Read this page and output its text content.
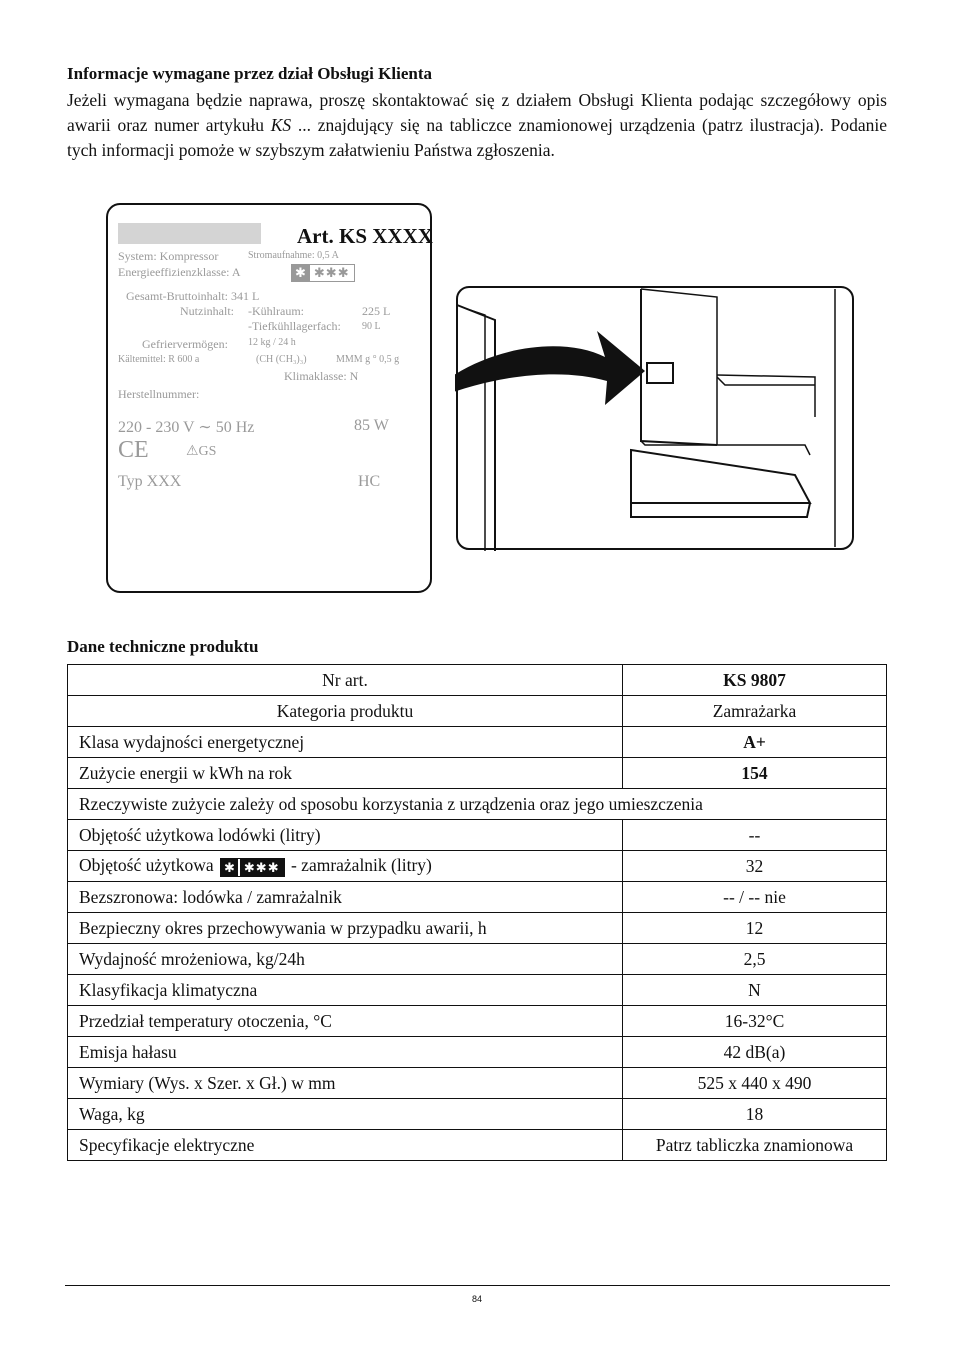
Informacje wymagane przez dział Obsługi Klienta

Jeżeli wymagana będzie naprawa, proszę skontaktować się z działem Obsługi Klienta podając szczegółowy opis awarii oraz numer artykułu KS ... znajdujący się na tabliczce znamionowej urządzenia (patrz ilustracja). Podanie tych informacji pomoże w szybszym załatwieniu Państwa zgłoszenia.

Art. KS XXXX
System: Kompressor	Stromaufnahme: 0,5 A
Energieeffizienzklasse: A	✱ ✱✱✱
Gesamt-Bruttoinhalt: 341 L
Nutzinhalt: -Kühlraum:	225 L
-Tiefkühllagerfach: 90 L
Gefriervermögen: 12 kg / 24 h
Kältemittel: R 600 a	(CH (CH₃)₃)	MMM g ° 0,5 g
Klimaklasse: N
Herstellnummer:
220 - 230 V ∼ 50 Hz	85 W
CE	⚠GS
Typ XXX	HC
Dane techniczne produktu
Nr art.	KS 9807
Kategoria produktu	Zamrażarka
Klasa wydajności energetycznej	A+
Zużycie energii w kWh na rok	154
Rzeczywiste zużycie zależy od sposobu korzystania z urządzenia oraz jego umieszczenia	
Objętość użytkowa lodówki (litry)	--
Objętość użytkowa ✱ ✱✱✱ - zamrażalnik (litry)	32
Bezszronowa: lodówka / zamrażalnik	-- / -- nie
Bezpieczny okres przechowywania w przypadku awarii, h	12
Wydajność mrożeniowa, kg/24h	2,5
Klasyfikacja klimatyczna	N
Przedział temperatury otoczenia, °C	16-32°C
Emisja hałasu	42 dB(a)
Wymiary (Wys. x Szer. x Gł.) w mm	525 x 440 x 490
Waga, kg	18
Specyfikacje elektryczne	Patrz tabliczka znamionowa
84
